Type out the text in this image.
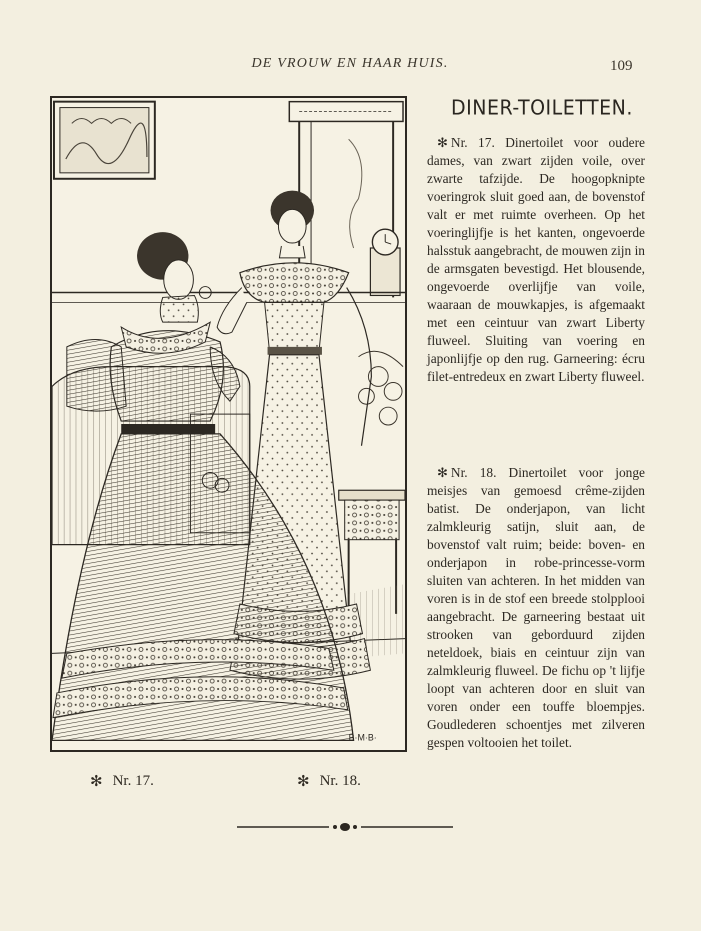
DE VROUW EN HAAR HUIS.	109
B·M·B·
✻ Nr. 17.	✻ Nr. 18.
DINER-TOILETTEN.

✻ Nr. 17. Dinertoilet voor oudere dames, van zwart zijden voile, over zwarte tafzijde. De hoogopknipte voeringrok sluit goed aan, de bovenstof valt er met ruimte overheen. Op het voeringlijfje is het kanten, ongevoerde halsstuk aangebracht, de mouwen zijn in de armsgaten bevestigd. Het blousende, ongevoerde overlijfje van voile, waaraan de mouwkapjes, is afgemaakt met een ceintuur van zwart Liberty fluweel. Sluiting van voering en japonlijfje op den rug. Garneering: écru filet-entredeux en zwart Liberty fluweel.

✻ Nr. 18. Dinertoilet voor jonge meisjes van gemoesd crême-zijden batist. De onderjapon, van licht zalmkleurig satijn, sluit aan, de bovenstof valt ruim; beide: boven- en onderjapon in robe-princesse-vorm sluiten van achteren. In het midden van voren is in de stof een breede stolpplooi aangebracht. De garneering bestaat uit strooken van geborduurd zijden neteldoek, biais en ceintuur zijn van zalmkleurig fluweel. De fichu op 't lijfje loopt van achteren door en sluit van voren onder een touffe bloempjes. Goudlederen schoentjes met zilveren gespen voltooien het toilet.
